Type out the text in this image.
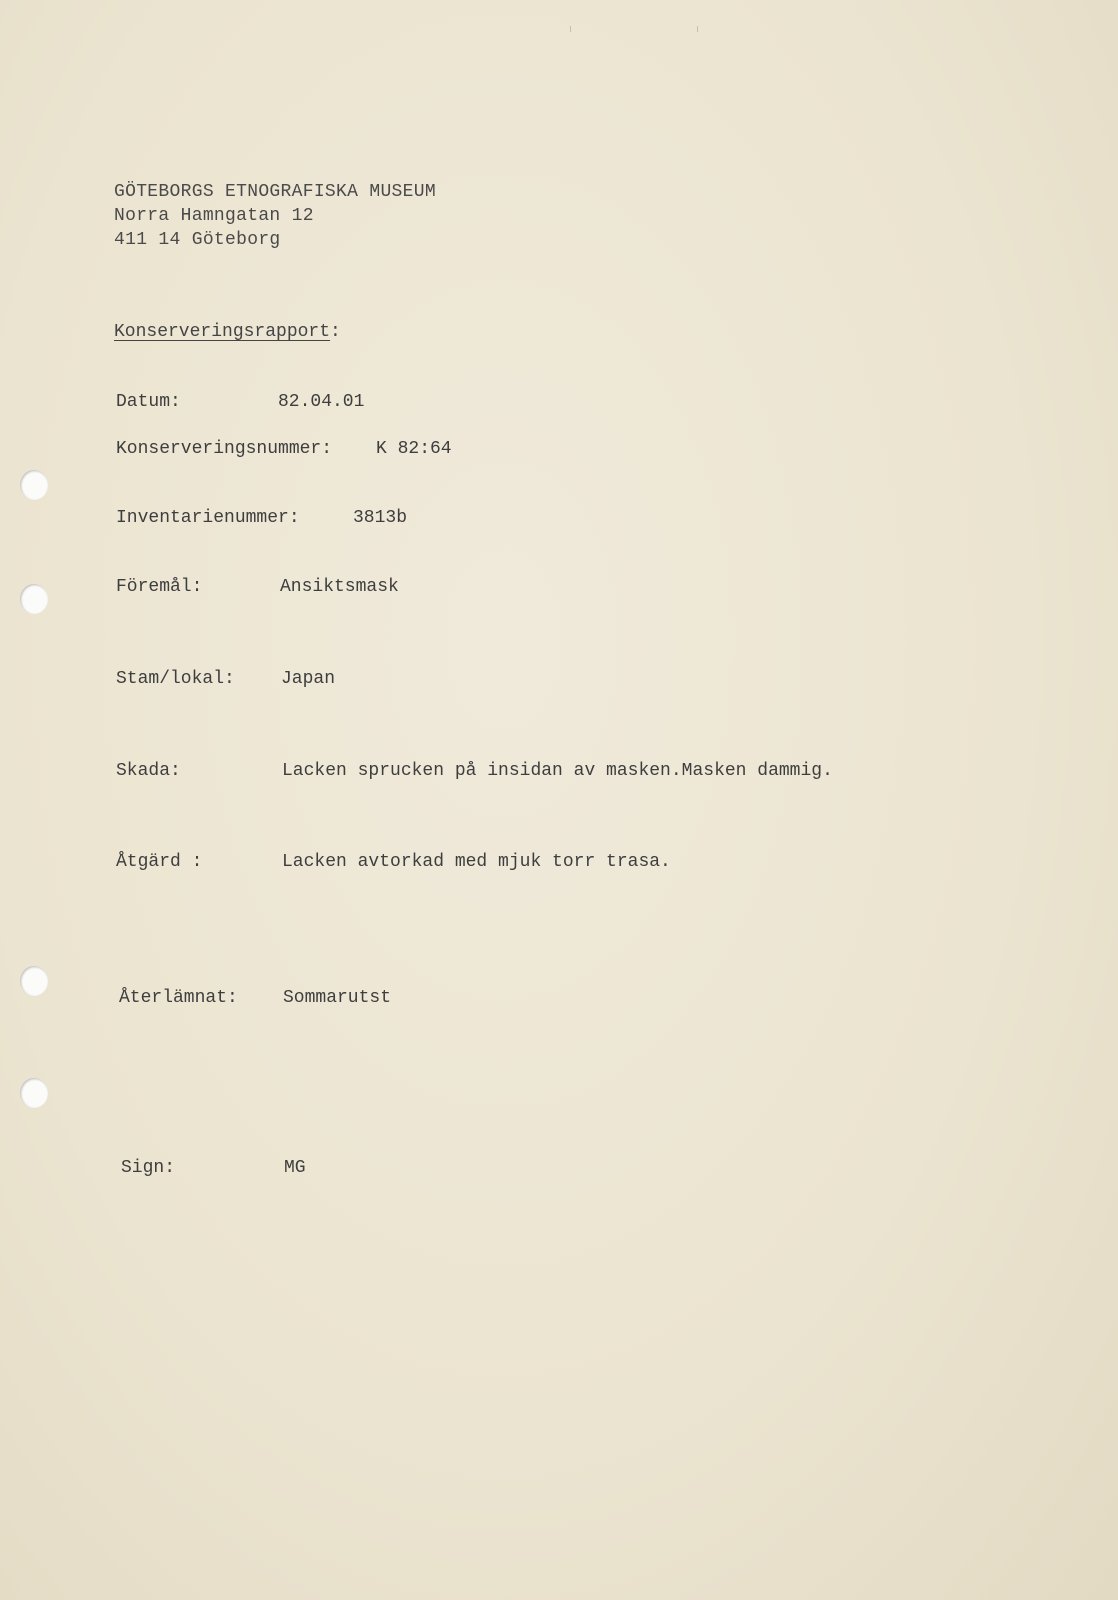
GÖTEBORGS ETNOGRAFISKA MUSEUM
Norra Hamngatan 12
411 14 Göteborg
Konserveringsrapport:
Datum:	82.04.01
Konserveringsnummer: K 82:64
Inventarienummer:	3813b
Föremål:	Ansiktsmask
Stam/lokal:	Japan
Skada:	Lacken sprucken på insidan av masken.Masken dammig.
Åtgärd :	Lacken avtorkad med mjuk torr trasa.
Återlämnat:	Sommarutst
Sign:	MG
